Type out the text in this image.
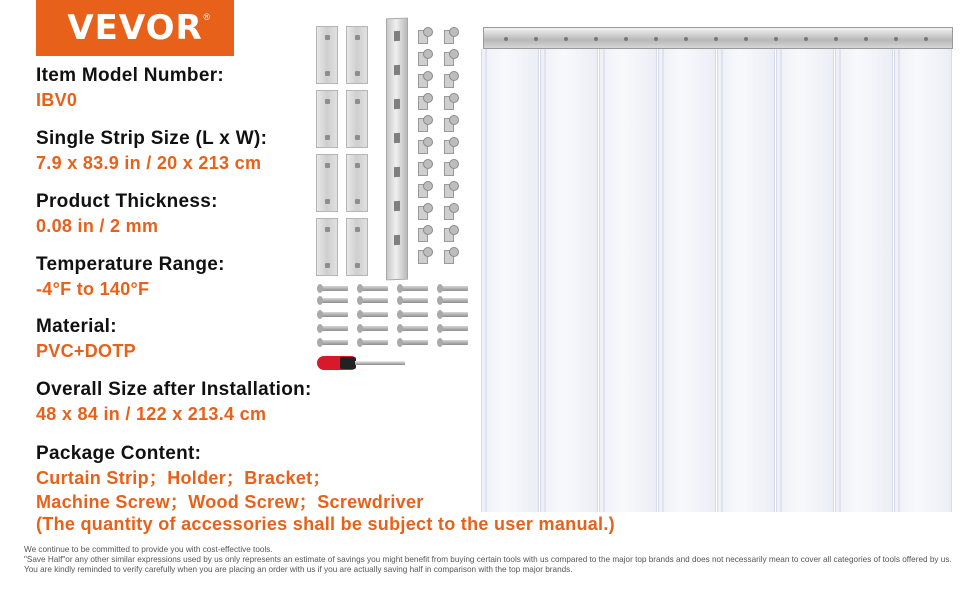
VEVOR®

Item Model Number:

IBV0

Single Strip Size (L x W):

7.9 x 83.9 in / 20 x 213 cm

Product Thickness:

0.08 in / 2 mm

Temperature Range:

-4°F to 140°F

Material:

PVC+DOTP

Overall Size after Installation:

48 x 84 in / 122 x 213.4 cm

Package Content:

Curtain Strip；Holder；Bracket；

Machine Screw；Wood Screw；Screwdriver

(The quantity of accessories shall be subject to the user manual.)
We continue to be committed to provide you with cost-effective tools.
"Save Half"or any other similar expressions used by us only represents an estimate of savings you might benefit from buying certain tools with us compared to the major top brands and does not necessarily mean to cover all categories of tools offered by us.
You are kindly reminded to verify carefully when you are placing an order with us if you are actually saving half in comparison with the top major brands.
